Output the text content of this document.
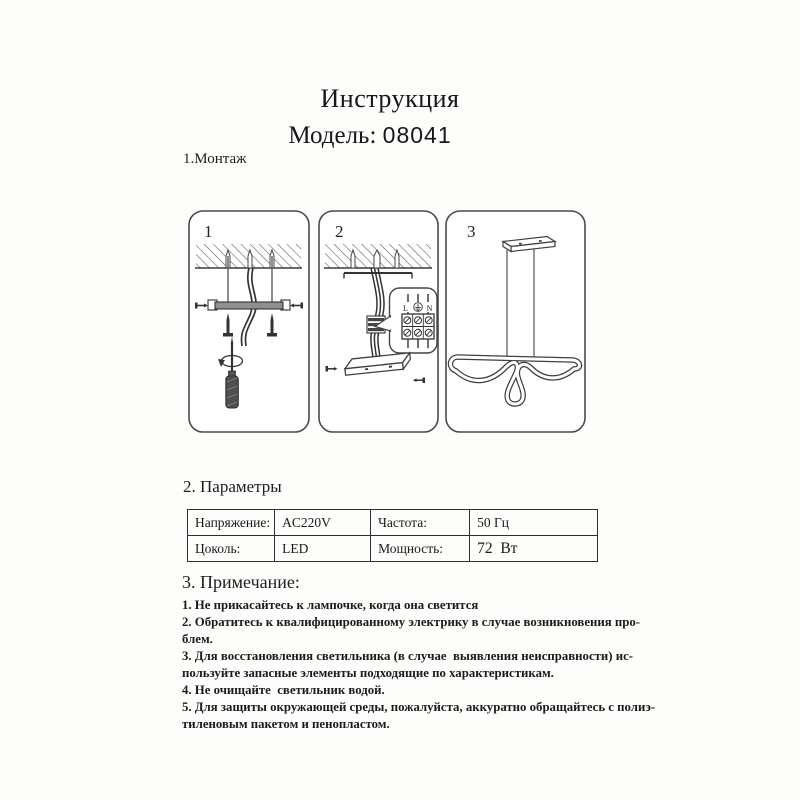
Инструкция
Модель: 08041
1.Монтаж
1	2
L N
3
2. Параметры
Напряжение:	AC220V	Частота:	50 Гц
Цоколь:	LED	Мощность:	72  Вт
3. Примечание:
1. Не прикасайтесь к лампочке, когда она светится
2. Обратитесь к квалифицированному электрику в случае возникновения про-
блем.
3. Для восстановления светильника (в случае  выявления неисправности) ис-
пользуйте запасные элементы подходящие по характеристикам.
4. Не очищайте  светильник водой.
5. Для защиты окружающей среды, пожалуйста, аккуратно обращайтесь с полиэ-
тиленовым пакетом и пенопластом.
